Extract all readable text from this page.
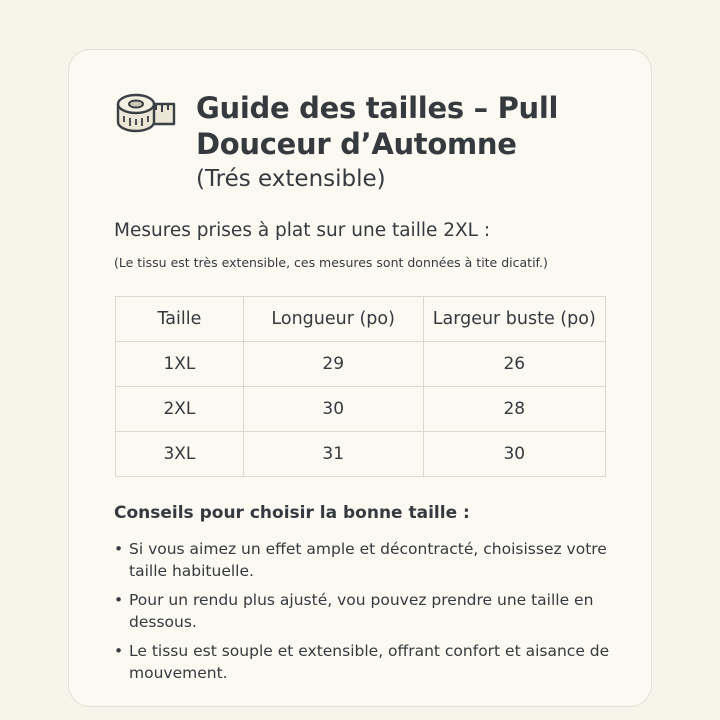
Guide des tailles – Pull
Douceur d’Automne
(Trés extensible)
Mesures prises à plat sur une taille 2XL :
(Le tissu est très extensible, ces mesures sont données à tite dicatif.)
Taille	Longueur (po)	Largeur buste (po)
1XL	29	26
2XL	30	28
3XL	31	30
Conseils pour choisir la bonne taille :
• Si vous aimez un effet ample et décontracté, choisissez votre taille habituelle.
• Pour un rendu plus ajusté, vou pouvez prendre une taille en dessous.
• Le tissu est souple et extensible, offrant confort et aisance de mouvement.
